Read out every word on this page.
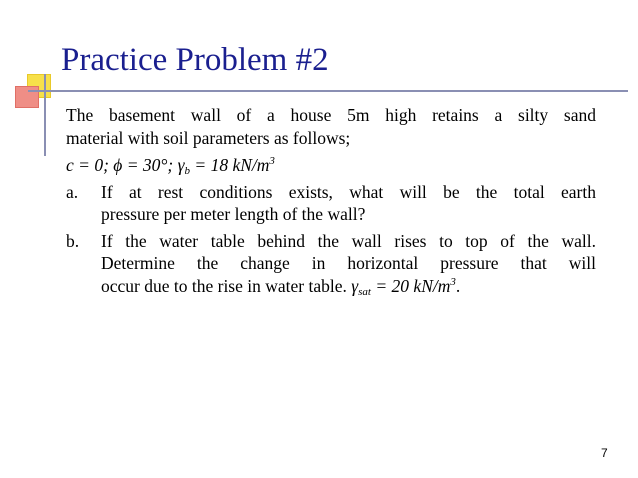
Practice Problem #2

The basement wall of a house 5m high retains a silty sand
material with soil parameters as follows;

c = 0; ϕ = 30°; $\gamma_b = 18$ $kN/m^3$
a. If at rest conditions exists, what will be the total earth
pressure per meter length of the wall?
b. If the water table behind the wall rises to top of the wall.
Determine the change in horizontal pressure that will
occur due to the rise in water table. $\gamma_{sat} = 20$ $kN/m^3$.
7
